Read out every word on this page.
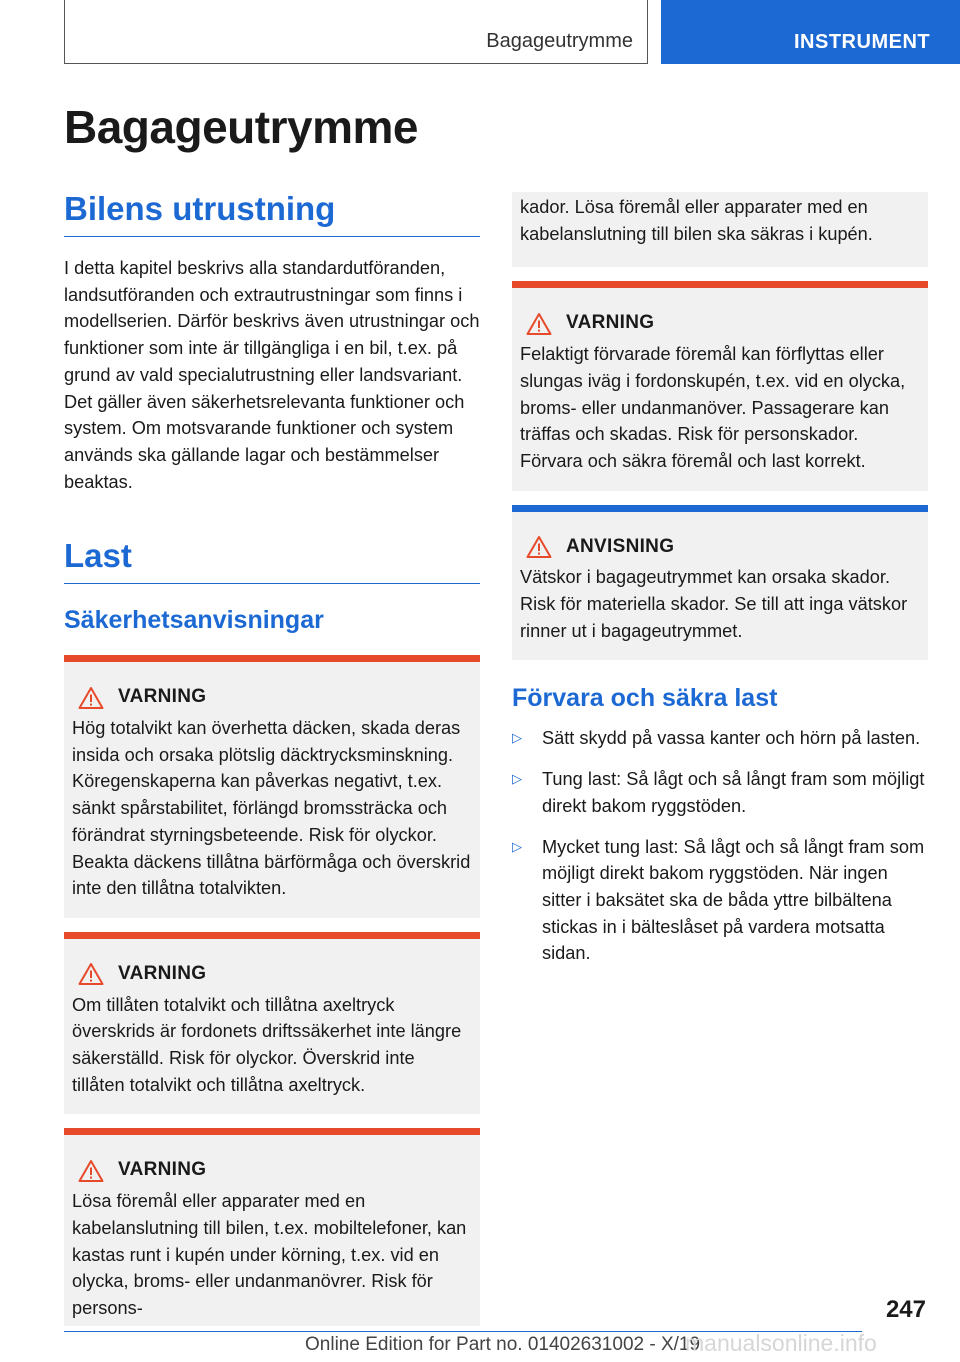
Bagageutrymme	INSTRUMENT
Bagageutrymme
Bilens utrustning

I detta kapitel beskrivs alla standardutföranden, landsutföranden och extrautrustningar som finns i modellserien. Därför beskrivs även utrustningar och funktioner som inte är tillgängliga i en bil, t.ex. på grund av vald specialutrustning eller landsvariant. Det gäller även säkerhetsrelevanta funktioner och system. Om motsvarande funktioner och system används ska gällande lagar och bestämmelser beaktas.

Last
Säkerhetsanvisningar
VARNING

Hög totalvikt kan överhetta däcken, skada deras insida och orsaka plötslig däcktrycksminskning. Köregenskaperna kan påverkas negativt, t.ex. sänkt spårstabilitet, förlängd bromssträcka och förändrat styrningsbeteende. Risk för olyckor. Beakta däckens tillåtna bärförmåga och överskrid inte den tillåtna totalvikten.

VARNING

Om tillåten totalvikt och tillåtna axeltryck överskrids är fordonets driftssäkerhet inte längre säkerställd. Risk för olyckor. Överskrid inte tillåten totalvikt och tillåtna axeltryck.

VARNING

Lösa föremål eller apparater med en kabelanslutning till bilen, t.ex. mobiltelefoner, kan kastas runt i kupén under körning, t.ex. vid en olycka, broms- eller undanmanövrer. Risk för persons-

kador. Lösa föremål eller apparater med en kabelanslutning till bilen ska säkras i kupén.

VARNING

Felaktigt förvarade föremål kan förflyttas eller slungas iväg i fordonskupén, t.ex. vid en olycka, broms- eller undanmanöver. Passagerare kan träffas och skadas. Risk för personskador. Förvara och säkra föremål och last korrekt.

ANVISNING

Vätskor i bagageutrymmet kan orsaka skador. Risk för materiella skador. Se till att inga vätskor rinner ut i bagageutrymmet.

Förvara och säkra last
▷ Sätt skydd på vassa kanter och hörn på lasten.
▷ Tung last: Så lågt och så långt fram som möjligt direkt bakom ryggstöden.
▷ Mycket tung last: Så lågt och så långt fram som möjligt direkt bakom ryggstöden. När ingen sitter i baksätet ska de båda yttre bilbältena stickas in i bälteslåset på vardera motsatta sidan.
247
Online Edition for Part no. 01402631002 - X/19
manualsonline.info
